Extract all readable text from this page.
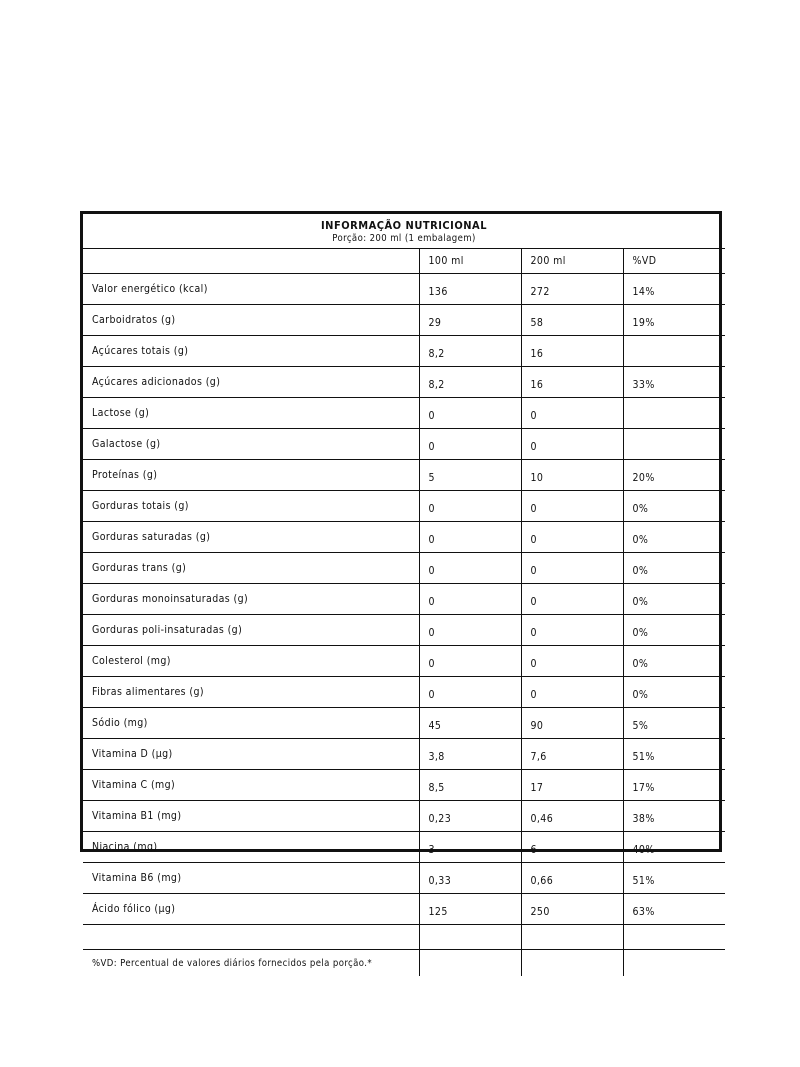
INFORMAÇÃO NUTRICIONAL
Porção: 200 ml (1 embalagem)			

	100 ml	200 ml	%VD
Valor energético (kcal)	136	272	14%
Carboidratos (g)	29	58	19%
Açúcares totais (g)	8,2	16	
Açúcares adicionados (g)	8,2	16	33%
Lactose (g)	0	0	
Galactose (g)	0	0	
Proteínas (g)	5	10	20%
Gorduras totais (g)	0	0	0%
Gorduras saturadas (g)	0	0	0%
Gorduras trans (g)	0	0	0%
Gorduras monoinsaturadas (g)	0	0	0%
Gorduras poli-insaturadas (g)	0	0	0%
Colesterol (mg)	0	0	0%
Fibras alimentares (g)	0	0	0%
Sódio (mg)	45	90	5%
Vitamina D (µg)	3,8	7,6	51%
Vitamina C (mg)	8,5	17	17%
Vitamina B1 (mg)	0,23	0,46	38%
Niacina (mg)	3	6	40%
Vitamina B6 (mg)	0,33	0,66	51%
Ácido fólico (µg)	125	250	63%

%VD: Percentual de valores diários fornecidos pela porção.*			
